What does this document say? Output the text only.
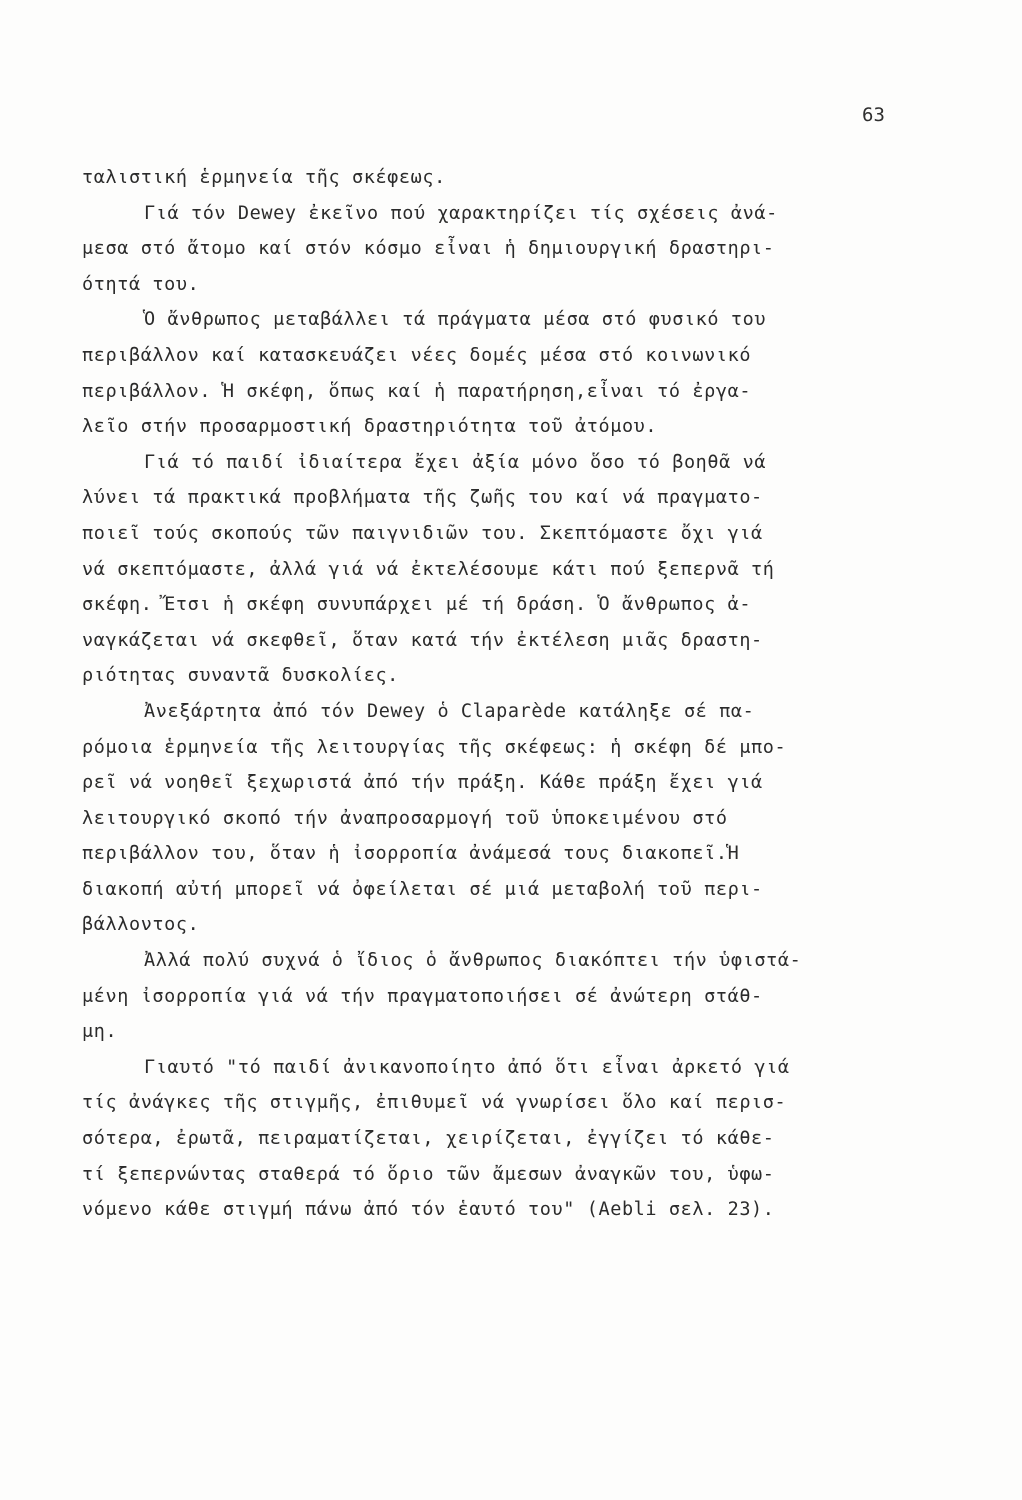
63
ταλιστική ἑρμηνεία τῆς σκέφεως.
Γιά τόν Dewey ἐκεῖνο πού χαρακτηρίζει τίς σχέσεις ἀνά-
μεσα στό ἄτομο καί στόν κόσμο εἶναι ἡ δημιουργική δραστηρι-
ότητά του.
Ὁ ἄνθρωπος μεταβάλλει τά πράγματα μέσα στό φυσικό του
περιβάλλον καί κατασκευάζει νέες δομές μέσα στό κοινωνικό
περιβάλλον. Ἡ σκέφη, ὅπως καί ἡ παρατήρηση,εἶναι τό ἐργα-
λεῖο στήν προσαρμοστική δραστηριότητα τοῦ ἀτόμου.
Γιά τό παιδί ἰδιαίτερα ἔχει ἀξία μόνο ὅσο τό βοηθᾶ νά
λύνει τά πρακτικά προβλήματα τῆς ζωῆς του καί νά πραγματο-
ποιεῖ τούς σκοπούς τῶν παιγνιδιῶν του. Σκεπτόμαστε ὄχι γιά
νά σκεπτόμαστε, ἀλλά γιά νά ἐκτελέσουμε κάτι πού ξεπερνᾶ τή
σκέφη. Ἔτσι ἡ σκέφη συνυπάρχει μέ τή δράση. Ὁ ἄνθρωπος ἀ-
ναγκάζεται νά σκεφθεῖ, ὅταν κατά τήν ἐκτέλεση μιᾶς δραστη-
ριότητας συναντᾶ δυσκολίες.
Ἀνεξάρτητα ἀπό τόν Dewey ὁ Claparède κατάληξε σέ πα-
ρόμοια ἑρμηνεία τῆς λειτουργίας τῆς σκέφεως: ἡ σκέφη δέ μπο-
ρεῖ νά νοηθεῖ ξεχωριστά ἀπό τήν πράξη. Κάθε πράξη ἔχει γιά
λειτουργικό σκοπό τήν ἀναπροσαρμογή τοῦ ὑποκειμένου στό
περιβάλλον του, ὅταν ἡ ἰσορροπία ἀνάμεσά τους διακοπεῖ.Ἡ
διακοπή αὐτή μπορεῖ νά ὀφείλεται σέ μιά μεταβολή τοῦ περι-
βάλλοντος.
Ἀλλά πολύ συχνά ὁ ἴδιος ὁ ἄνθρωπος διακόπτει τήν ὑφιστά-
μένη ἰσορροπία γιά νά τήν πραγματοποιήσει σέ ἀνώτερη στάθ-
μη.
Γιαυτό "τό παιδί ἀνικανοποίητο ἀπό ὅτι εἶναι ἀρκετό γιά
τίς ἀνάγκες τῆς στιγμῆς, ἐπιθυμεῖ νά γνωρίσει ὅλο καί περισ-
σότερα, ἐρωτᾶ, πειραματίζεται, χειρίζεται, ἐγγίζει τό κάθε-
τί ξεπερνώντας σταθερά τό ὅριο τῶν ἄμεσων ἀναγκῶν του, ὑφω-
νόμενο κάθε στιγμή πάνω ἀπό τόν ἑαυτό του" (Aebli σελ. 23).
